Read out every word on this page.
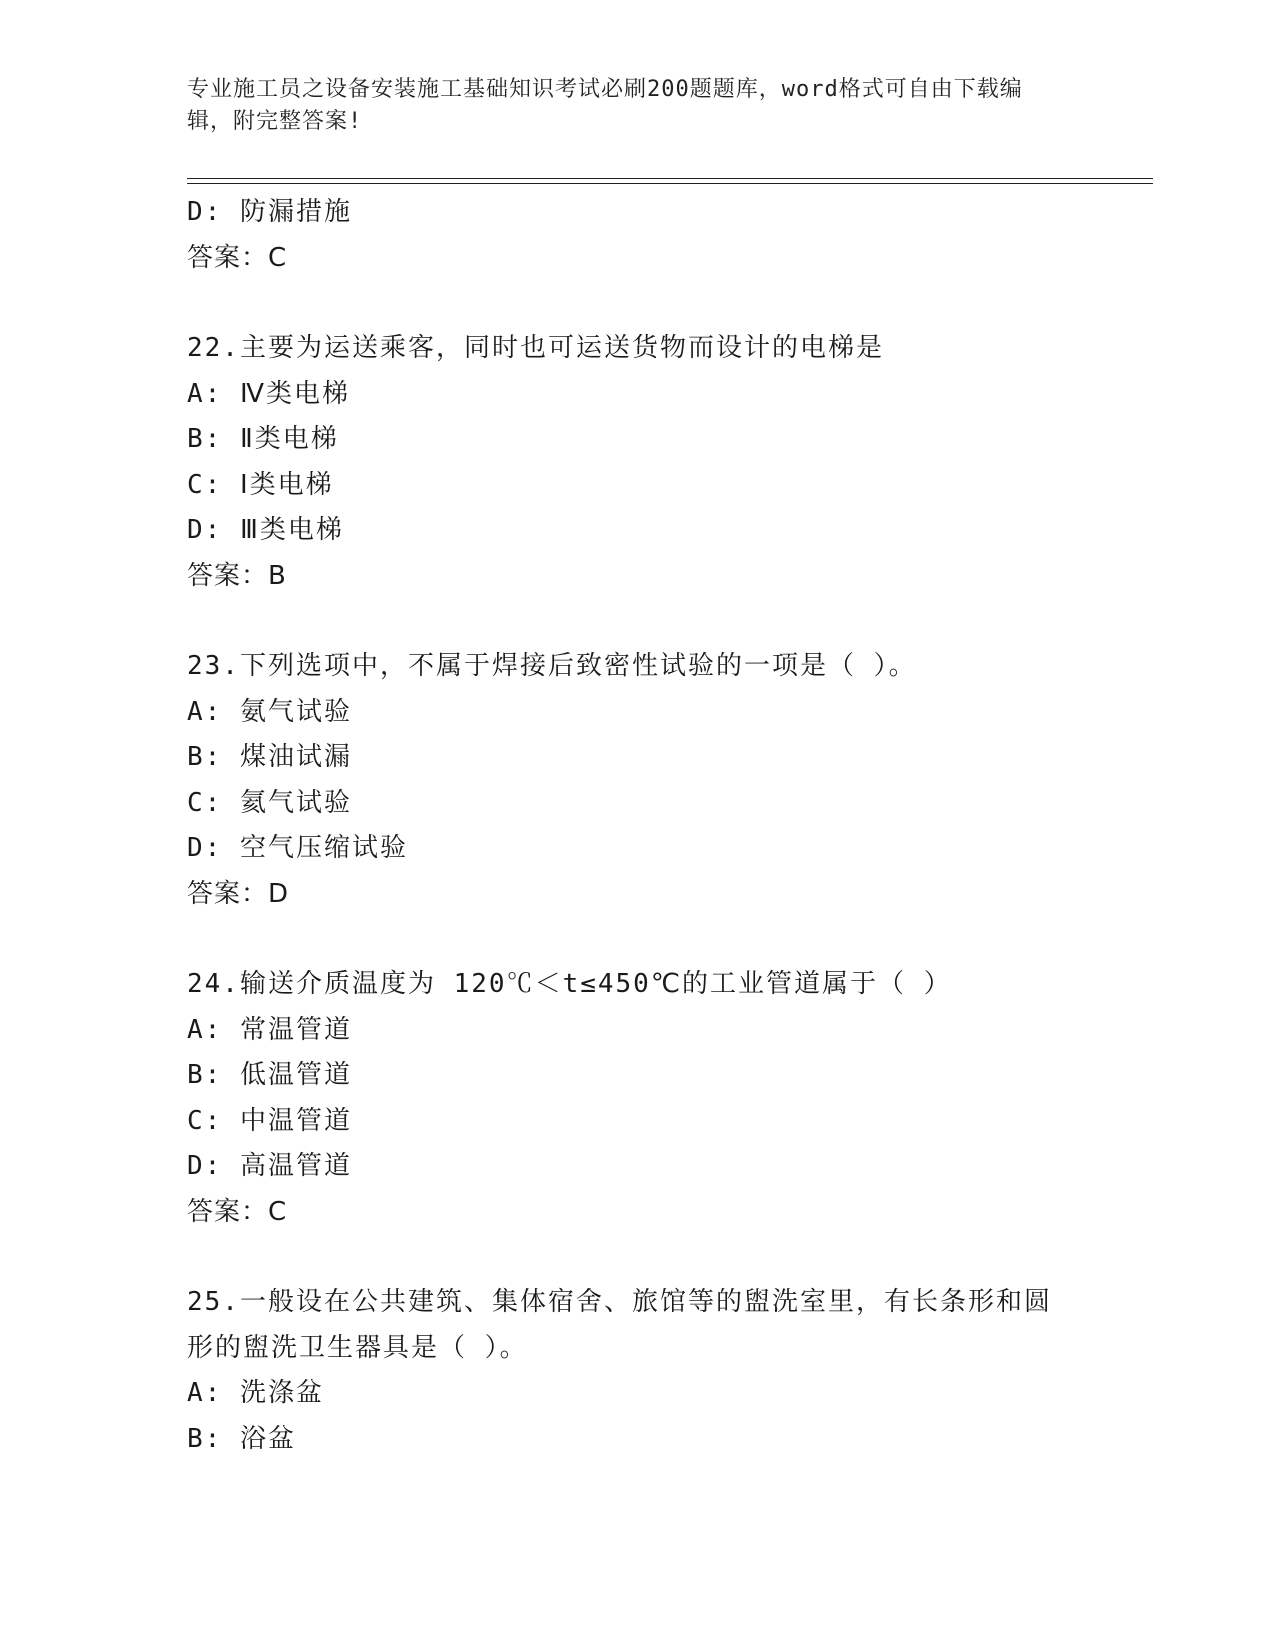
专业施工员之设备安装施工基础知识考试必刷200题题库，word格式可自由下载编辑，附完整答案!
D: 防漏措施
答案：C
22.主要为运送乘客，同时也可运送货物而设计的电梯是
A: Ⅳ类电梯
B: Ⅱ类电梯
C: Ⅰ类电梯
D: Ⅲ类电梯
答案：B
23.下列选项中，不属于焊接后致密性试验的一项是（ ）。
A: 氨气试验
B: 煤油试漏
C: 氦气试验
D: 空气压缩试验
答案：D
24.输送介质温度为 120℃＜t≤450℃的工业管道属于（ ）
A: 常温管道
B: 低温管道
C: 中温管道
D: 高温管道
答案：C
25.一般设在公共建筑、集体宿舍、旅馆等的盥洗室里，有长条形和圆形的盥洗卫生器具是（ ）。
A: 洗涤盆
B: 浴盆
